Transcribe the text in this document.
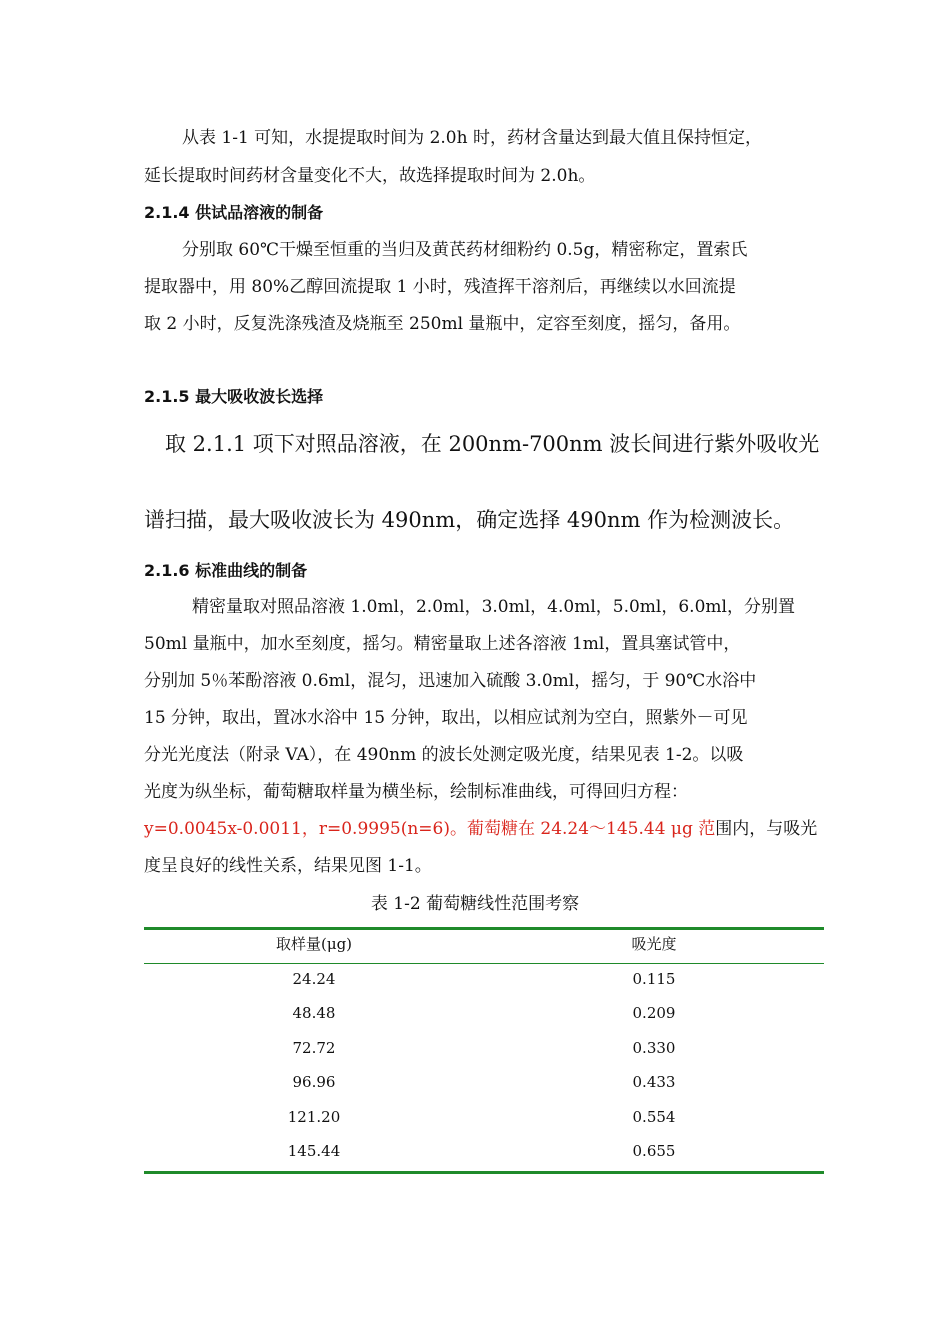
从表 1-1 可知，水提提取时间为 2.0h 时，药材含量达到最大值且保持恒定，
延长提取时间药材含量变化不大，故选择提取时间为 2.0h。
2.1.4 供试品溶液的制备
分别取 60℃干燥至恒重的当归及黄芪药材细粉约 0.5g，精密称定，置索氏
提取器中，用 80%乙醇回流提取 1 小时，残渣挥干溶剂后，再继续以水回流提
取 2 小时，反复洗涤残渣及烧瓶至 250ml 量瓶中，定容至刻度，摇匀，备用。
2.1.5 最大吸收波长选择
取 2.1.1 项下对照品溶液，在 200nm-700nm 波长间进行紫外吸收光
谱扫描，最大吸收波长为 490nm，确定选择 490nm 作为检测波长。
2.1.6 标准曲线的制备
精密量取对照品溶液 1.0ml，2.0ml，3.0ml，4.0ml，5.0ml，6.0ml，分别置
50ml 量瓶中，加水至刻度，摇匀。精密量取上述各溶液 1ml，置具塞试管中，
分别加 5％苯酚溶液 0.6ml，混匀，迅速加入硫酸 3.0ml，摇匀，于 90℃水浴中
15 分钟，取出，置冰水浴中 15 分钟，取出，以相应试剂为空白，照紫外－可见
分光光度法（附录 VA），在 490nm 的波长处测定吸光度，结果见表 1-2。以吸
光度为纵坐标，葡萄糖取样量为横坐标，绘制标准曲线，可得回归方程：
y=0.0045x-0.0011，r=0.9995(n=6)。葡萄糖在 24.24～145.44 μg 范围内，与吸光
度呈良好的线性关系，结果见图 1-1。
表 1-2 葡萄糖线性范围考察
取样量(μg)	吸光度
24.24	0.115
48.48	0.209
72.72	0.330
96.96	0.433
121.20	0.554
145.44	0.655
